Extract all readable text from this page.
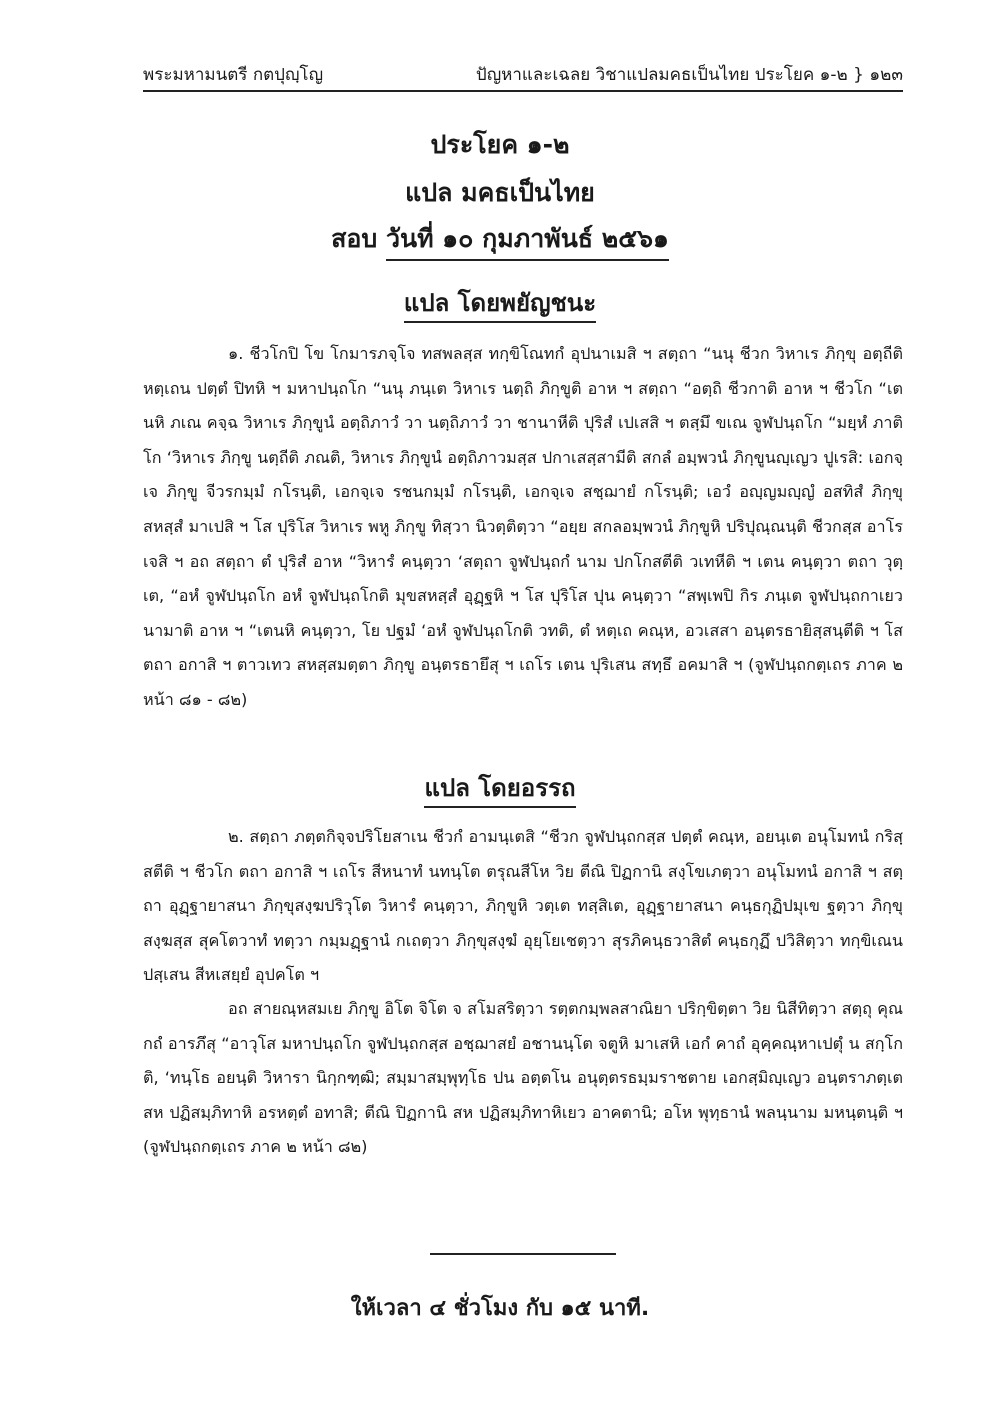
พระมหามนตรี กตปุญฺโญ	ปัญหาและเฉลย วิชาแปลมคธเป็นไทย ประโยค ๑-๒ } ๑๒๓
ประโยค ๑-๒
แปล มคธเป็นไทย
สอบ วันที่ ๑๐ กุมภาพันธ์ ๒๕๖๑
แปล โดยพยัญชนะ

๑. ชีวโกปิ โข โกมารภจฺโจ ทสพลสฺส ทกฺขิโณทกํ อุปนาเมสิ ฯ สตฺถา “นนุ ชีวก วิหาเร ภิกฺขุ อตฺถีติ หตฺเถน ปตฺตํ ปิทหิ ฯ มหาปนฺถโก “นนุ ภนฺเต วิหาเร นตฺถิ ภิกฺขูติ อาห ฯ สตฺถา “อตฺถิ ชีวกาติ อาห ฯ ชีวโก “เตนหิ ภเณ คจฺฉ วิหาเร ภิกฺขูนํ อตฺถิภาวํ วา นตฺถิภาวํ วา ชานาหีติ ปุริสํ เปเสสิ ฯ ตสฺมึ ขเณ จูฬปนฺถโก “มยฺหํ ภาติโก ‘วิหาเร ภิกฺขู นตฺถีติ ภณติ, วิหาเร ภิกฺขูนํ อตฺถิภาวมสฺส ปกาเสสฺสามีติ สกลํ อมฺพวนํ ภิกฺขูนญฺเญว ปูเรสิ: เอกจฺเจ ภิกฺขู จีวรกมฺมํ กโรนฺติ, เอกจฺเจ รชนกมฺมํ กโรนฺติ, เอกจฺเจ สชฺฌายํ กโรนฺติ; เอวํ อญฺญมญฺญํ อสทิสํ ภิกฺขุสหสฺสํ มาเปสิ ฯ โส ปุริโส วิหาเร พหู ภิกฺขู ทิสฺวา นิวตฺติตฺวา “อยฺย สกลอมฺพวนํ ภิกฺขูหิ ปริปุณฺณนฺติ ชีวกสฺส อาโรเจสิ ฯ อถ สตฺถา ตํ ปุริสํ อาห “วิหารํ คนฺตฺวา ‘สตฺถา จูฬปนฺถกํ นาม ปกโกสตีติ วเทหีติ ฯ เตน คนฺตฺวา ตถา วุตฺเต, “อหํ จูฬปนฺถโก อหํ จูฬปนฺถโกติ มุขสหสฺสํ อุฏฺฐหิ ฯ โส ปุริโส ปุน คนฺตฺวา “สพฺเพปิ กิร ภนฺเต จูฬปนฺถกาเยว นามาติ อาห ฯ “เตนหิ คนฺตฺวา, โย ปฐมํ ‘อหํ จูฬปนฺถโกติ วทติ, ตํ หตฺเถ คณฺห, อวเสสา อนฺตรธายิสฺสนฺตีติ ฯ โส ตถา อกาสิ ฯ ตาวเทว สหสฺสมตฺตา ภิกฺขู อนฺตรธายึสุ ฯ เถโร เตน ปุริเสน สทฺธึ อคมาสิ ฯ (จูฬปนฺถกตฺเถร ภาค ๒ หน้า ๘๑ - ๘๒)

แปล โดยอรรถ

๒. สตฺถา ภตฺตกิจฺจปริโยสาเน ชีวกํ อามนฺเตสิ “ชีวก จูฬปนฺถกสฺส ปตฺตํ คณฺห, อยนฺเต อนุโมทนํ กริสฺสตีติ ฯ ชีวโก ตถา อกาสิ ฯ เถโร สีหนาทํ นทนฺโต ตรุณสีโห วิย ตีณิ ปิฏกานิ สงฺโขเภตฺวา อนุโมทนํ อกาสิ ฯ สตฺถา อุฏฺฐายาสนา ภิกฺขุสงฺฆปริวุโต วิหารํ คนฺตฺวา, ภิกฺขูหิ วตฺเต ทสฺสิเต, อุฏฺฐายาสนา คนฺธกุฏิปมุเข ฐตฺวา ภิกฺขุสงฺฆสฺส สุคโตวาทํ ทตฺวา กมฺมฏฺฐานํ กเถตฺวา ภิกฺขุสงฺฆํ อุยฺโยเชตฺวา สุรภิคนฺธวาสิตํ คนฺธกุฏึ ปวิสิตฺวา ทกฺขิเณน ปสฺเสน สีหเสยฺยํ อุปคโต ฯ

อถ สายณฺหสมเย ภิกฺขู อิโต จิโต จ สโมสริตฺวา รตฺตกมฺพลสาณิยา ปริกฺขิตฺตา วิย นิสีทิตฺวา สตฺถุ คุณกถํ อารภึสุ “อาวุโส มหาปนฺถโก จูฬปนฺถกสฺส อชฺฌาสยํ อชานนฺโต จตูหิ มาเสหิ เอกํ คาถํ อุคฺคณฺหาเปตุํ น สกฺโกติ, ‘ทนฺโธ อยนฺติ วิหารา นิกฺกฑฺฒิ; สมฺมาสมฺพุทฺโธ ปน อตฺตโน อนุตฺตรธมฺมราชตาย เอกสฺมิญฺเญว อนฺตราภตฺเต สห ปฏิสมฺภิทาหิ อรหตฺตํ อทาสิ; ตีณิ ปิฏกานิ สห ปฏิสมฺภิทาหิเยว อาคตานิ; อโห พุทฺธานํ พลนฺนาม มหนฺตนฺติ ฯ (จูฬปนฺถกตฺเถร ภาค ๒ หน้า ๘๒)

ให้เวลา ๔ ชั่วโมง กับ ๑๕ นาที.
